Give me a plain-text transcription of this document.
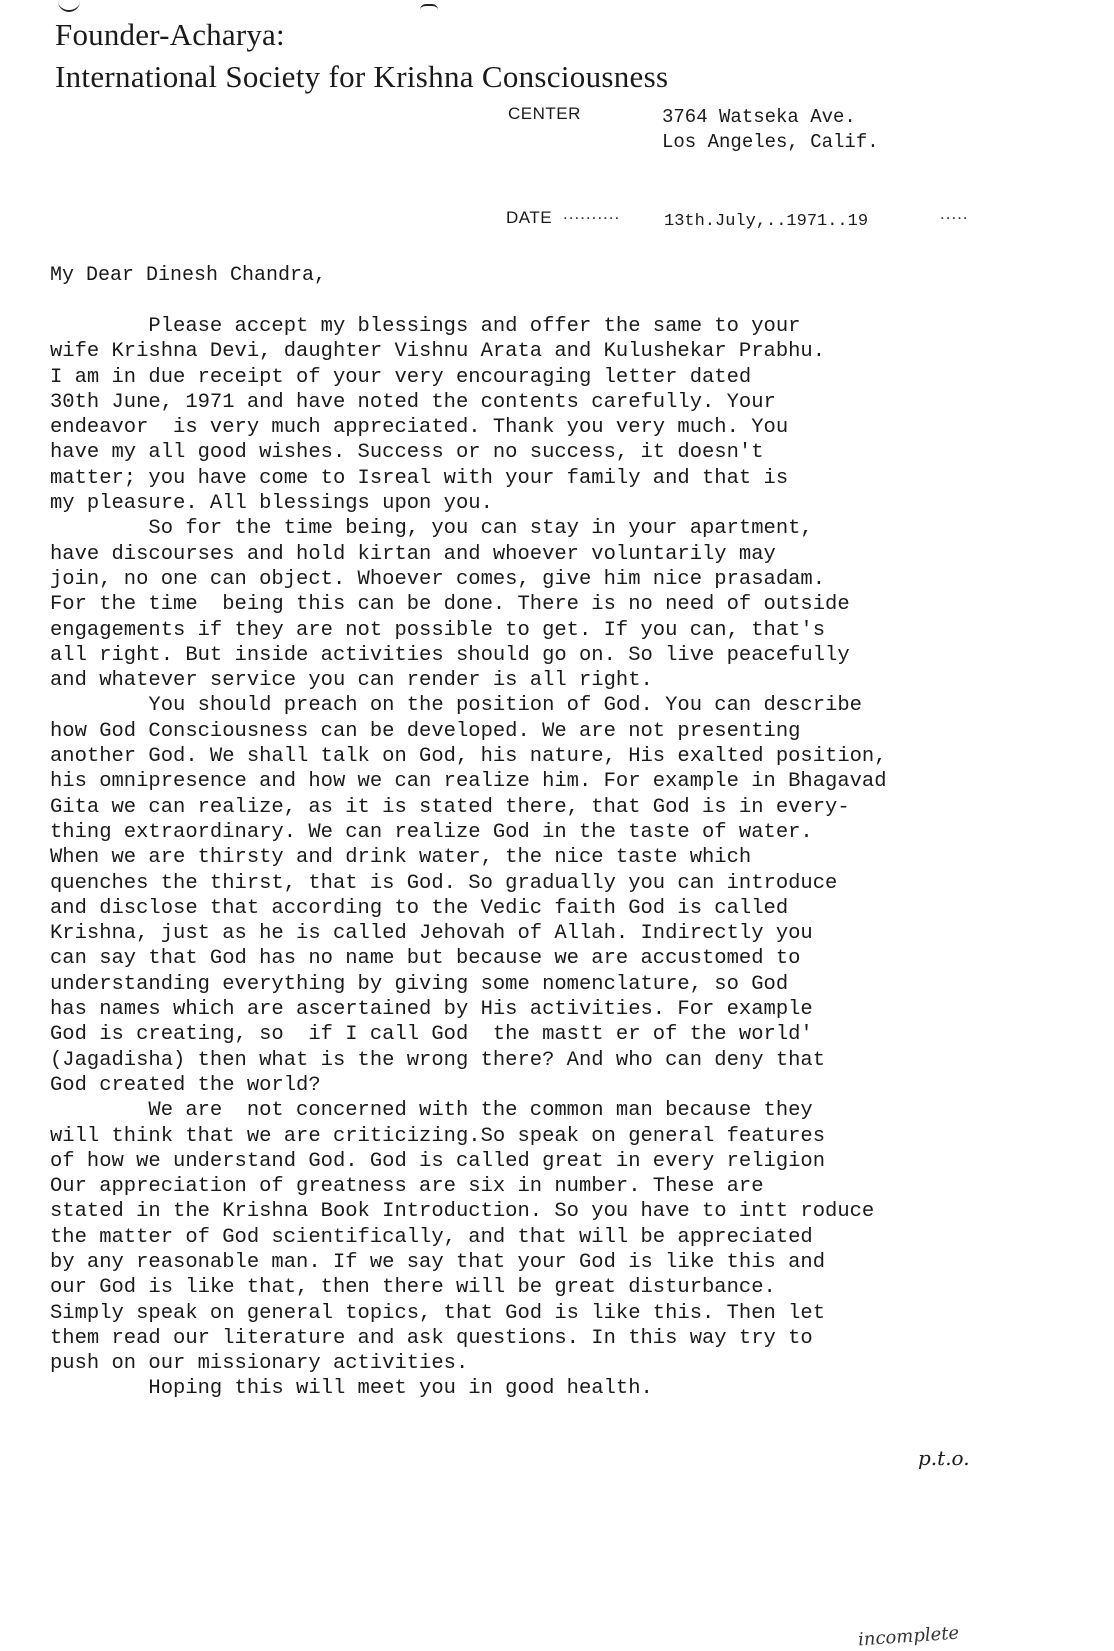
Founder-Acharya:
International Society for Krishna Consciousness
CENTER	3764 Watseka Ave.
Los Angeles, Calif.
DATE ..........	13th.July,..1971..19	.....
My Dear Dinesh Chandra,
Please accept my blessings and offer the same to your
wife Krishna Devi, daughter Vishnu Arata and Kulushekar Prabhu.
I am in due receipt of your very encouraging letter dated
30th June, 1971 and have noted the contents carefully. Your
endeavor  is very much appreciated. Thank you very much. You
have my all good wishes. Success or no success, it doesn't
matter; you have come to Isreal with your family and that is
my pleasure. All blessings upon you.
So for the time being, you can stay in your apartment,
have discourses and hold kirtan and whoever voluntarily may
join, no one can object. Whoever comes, give him nice prasadam.
For the time  being this can be done. There is no need of outside
engagements if they are not possible to get. If you can, that's
all right. But inside activities should go on. So live peacefully
and whatever service you can render is all right.
You should preach on the position of God. You can describe
how God Consciousness can be developed. We are not presenting
another God. We shall talk on God, his nature, His exalted position,
his omnipresence and how we can realize him. For example in Bhagavad
Gita we can realize, as it is stated there, that God is in every-
thing extraordinary. We can realize God in the taste of water.
When we are thirsty and drink water, the nice taste which
quenches the thirst, that is God. So gradually you can introduce
and disclose that according to the Vedic faith God is called
Krishna, just as he is called Jehovah of Allah. Indirectly you
can say that God has no name but because we are accustomed to
understanding everything by giving some nomenclature, so God
has names which are ascertained by His activities. For example
God is creating, so  if I call God  the mastt er of the world'
(Jagadisha) then what is the wrong there? And who can deny that
God created the world?
We are  not concerned with the common man because they
will think that we are criticizing.So speak on general features
of how we understand God. God is called great in every religion
Our appreciation of greatness are six in number. These are
stated in the Krishna Book Introduction. So you have to intt roduce
the matter of God scientifically, and that will be appreciated
by any reasonable man. If we say that your God is like this and
our God is like that, then there will be great disturbance.
Simply speak on general topics, that God is like this. Then let
them read our literature and ask questions. In this way try to
push on our missionary activities.
Hoping this will meet you in good health.
p.t.o.
incomplete
